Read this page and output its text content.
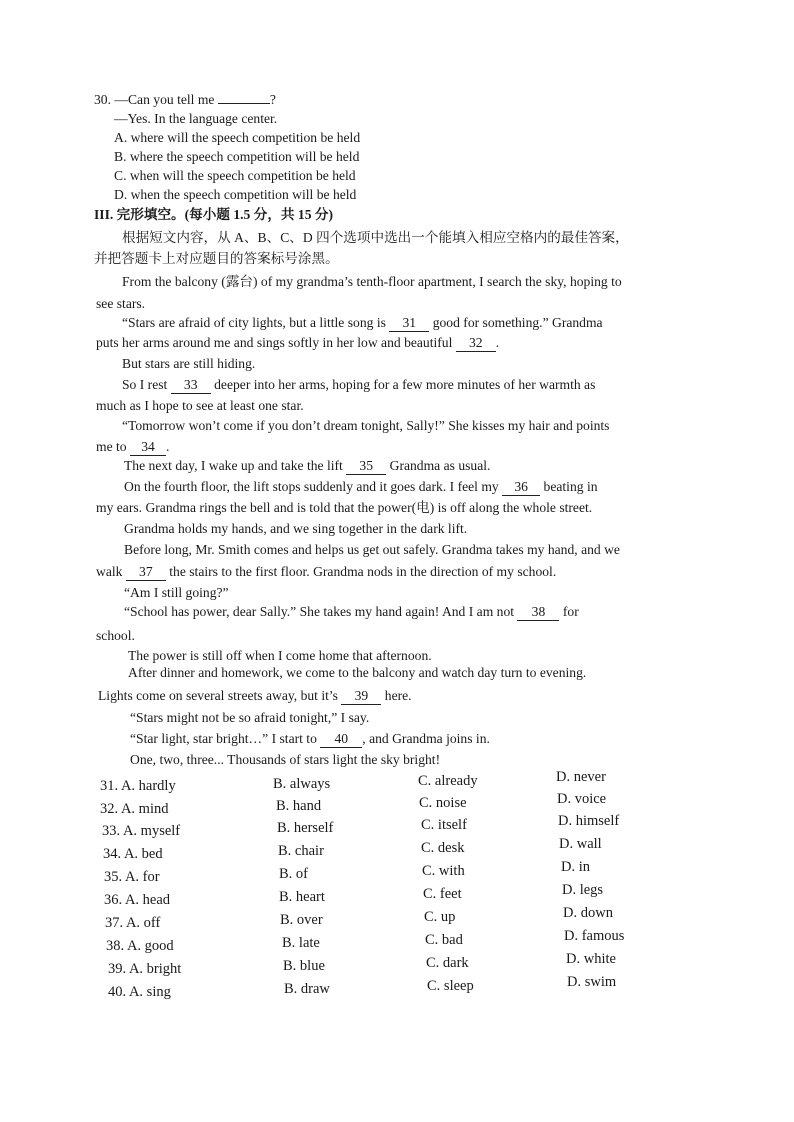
30. —Can you tell me	?
—Yes. In the language center.
A. where will the speech competition be held
B. where the speech competition will be held
C. when will the speech competition be held
D. when the speech competition will be held
III. 完形填空。(每小题 1.5 分，共 15 分)
根据短文内容，从 A、B、C、D 四个选项中选出一个能填入相应空格内的最佳答案，
并把答题卡上对应题目的答案标号涂黑。
From the balcony (露台) of my grandma’s tenth-floor apartment, I search the sky, hoping to
see stars.
“Stars are afraid of city lights, but a little song is 31 good for something.” Grandma
puts her arms around me and sings softly in her low and beautiful 32 .
But stars are still hiding.
So I rest 33 deeper into her arms, hoping for a few more minutes of her warmth as
much as I hope to see at least one star.
“Tomorrow won’t come if you don’t dream tonight, Sally!” She kisses my hair and points
me to 34 .
The next day, I wake up and take the lift 35 Grandma as usual.
On the fourth floor, the lift stops suddenly and it goes dark. I feel my 36 beating in
my ears. Grandma rings the bell and is told that the power(电) is off along the whole street.
Grandma holds my hands, and we sing together in the dark lift.
Before long, Mr. Smith comes and helps us get out safely. Grandma takes my hand, and we
walk 37 the stairs to the first floor. Grandma nods in the direction of my school.
“Am I still going?”
“School has power, dear Sally.” She takes my hand again! And I am not 38 for
school.
The power is still off when I come home that afternoon.
After dinner and homework, we come to the balcony and watch day turn to evening.
Lights come on several streets away, but it’s 39 here.
“Stars might not be so afraid tonight,” I say.
“Star light, star bright…” I start to 40 , and Grandma joins in.
One, two, three... Thousands of stars light the sky bright!
31. A. hardly	B. always	C. already	D. never
32. A. mind	B. hand	C. noise	D. voice
33. A. myself	B. herself	C. itself	D. himself
34. A. bed	B. chair	C. desk	D. wall
35. A. for	B. of	C. with	D. in
36. A. head	B. heart	C. feet	D. legs
37. A. off	B. over	C. up	D. down
38. A. good	B. late	C. bad	D. famous
39. A. bright	B. blue	C. dark	D. white
40. A. sing	B. draw	C. sleep	D. swim
